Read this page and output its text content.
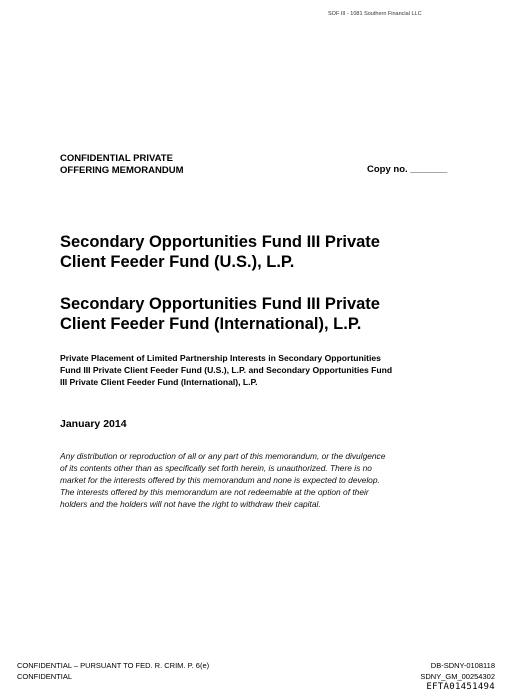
SOF III - 1081 Southern Financial LLC
CONFIDENTIAL PRIVATE
OFFERING MEMORANDUM	Copy no. _______
Secondary Opportunities Fund III Private
Client Feeder Fund (U.S.), L.P.
Secondary Opportunities Fund III Private
Client Feeder Fund (International), L.P.
Private Placement of Limited Partnership Interests in Secondary Opportunities
Fund III Private Client Feeder Fund (U.S.), L.P. and Secondary Opportunities Fund
III Private Client Feeder Fund (International), L.P.
January 2014
Any distribution or reproduction of all or any part of this memorandum, or the divulgence
of its contents other than as specifically set forth herein, is unauthorized. There is no
market for the interests offered by this memorandum and none is expected to develop.
The interests offered by this memorandum are not redeemable at the option of their
holders and the holders will not have the right to withdraw their capital.
CONFIDENTIAL – PURSUANT TO FED. R. CRIM. P. 6(e)
CONFIDENTIAL
DB-SDNY-0108118
SDNY_GM_00254302
EFTA01451494
